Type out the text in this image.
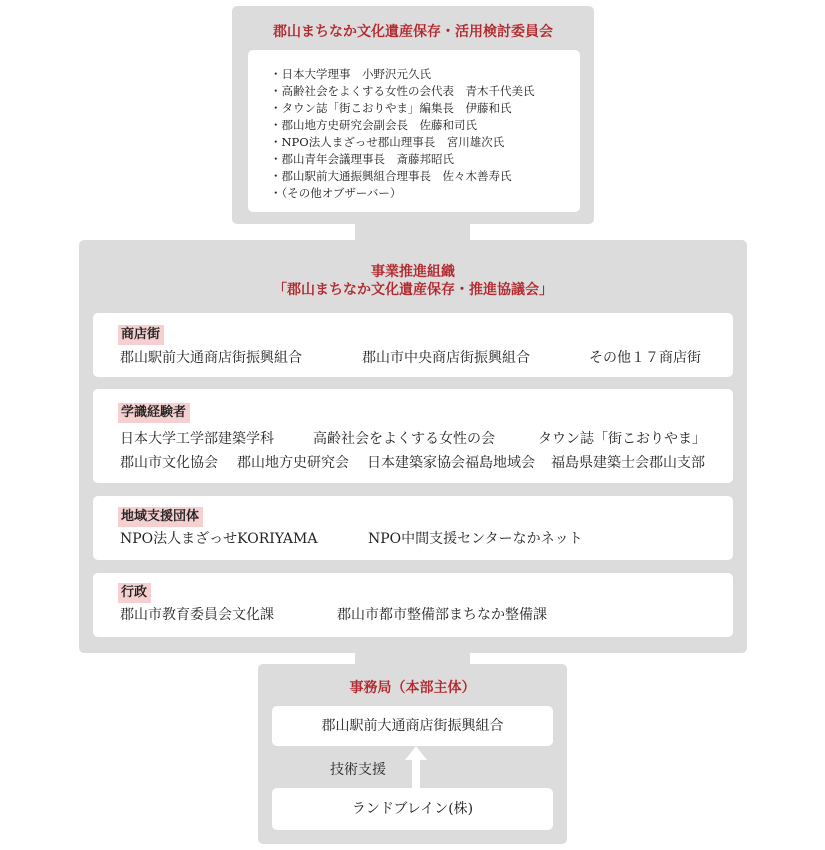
郡山まちなか文化遺産保存・活用検討委員会
・日本大学理事　小野沢元久氏
・高齢社会をよくする女性の会代表　青木千代美氏
・タウン誌「街こおりやま」編集長　伊藤和氏
・郡山地方史研究会副会長　佐藤和司氏
・NPO法人まざっせ郡山理事長　宮川雄次氏
・郡山青年会議理事長　斎藤邦昭氏
・郡山駅前大通振興組合理事長　佐々木善寿氏
・（その他オブザーバー）
事業推進組織
「郡山まちなか文化遺産保存・推進協議会」
商店街
郡山駅前大通商店街振興組合	郡山市中央商店街振興組合	その他１７商店街
学識経験者
日本大学工学部建築学科	高齢社会をよくする女性の会	タウン誌「街こおりやま」
郡山市文化協会 郡山地方史研究会 日本建築家協会福島地域会 福島県建築士会郡山支部
地域支援団体
NPO法人まざっせKORIYAMA	NPO中間支援センターなかネット
行政
郡山市教育委員会文化課	郡山市都市整備部まちなか整備課
事務局（本部主体）
郡山駅前大通商店街振興組合
技術支援
ランドブレイン(株)
